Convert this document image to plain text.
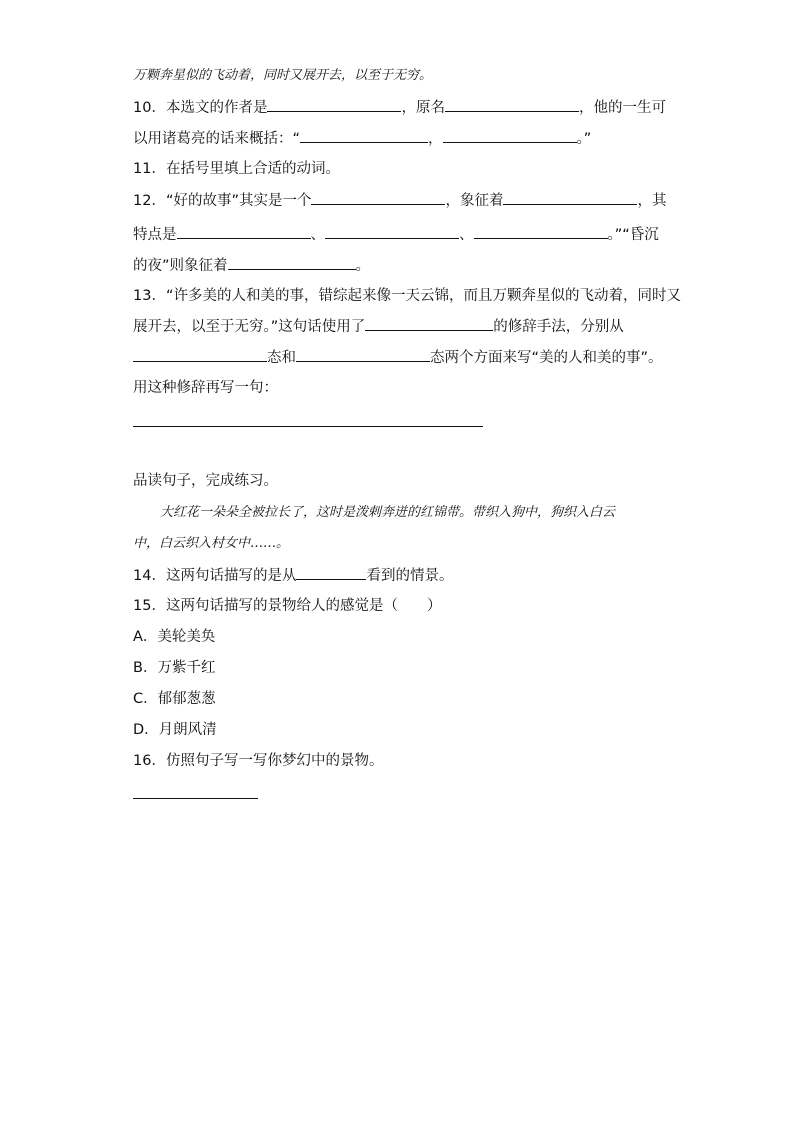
万颗奔星似的飞动着，同时又展开去，以至于无穷。
10．本选文的作者是	，原名	，他的一生可
以用诸葛亮的话来概括：“	，	。”
11．在括号里填上合适的动词。
12．“好的故事”其实是一个	，象征着	，其
特点是	、	、	。”“昏沉
的夜”则象征着	。
13．“许多美的人和美的事，错综起来像一天云锦，而且万颗奔星似的飞动着，同时又
展开去，以至于无穷。”这句话使用了	的修辞手法，分别从
态和	态两个方面来写“美的人和美的事”。
用这种修辞再写一句：
品读句子，完成练习。
大红花一朵朵全被拉长了，这时是泼剌奔迸的红锦带。带织入狗中，狗织入白云
中，白云织入村女中……。
14．这两句话描写的是从	看到的情景。
15．这两句话描写的景物给人的感觉是（　　）
A．美轮美奂
B．万紫千红
C．郁郁葱葱
D．月朗风清
16．仿照句子写一写你梦幻中的景物。
